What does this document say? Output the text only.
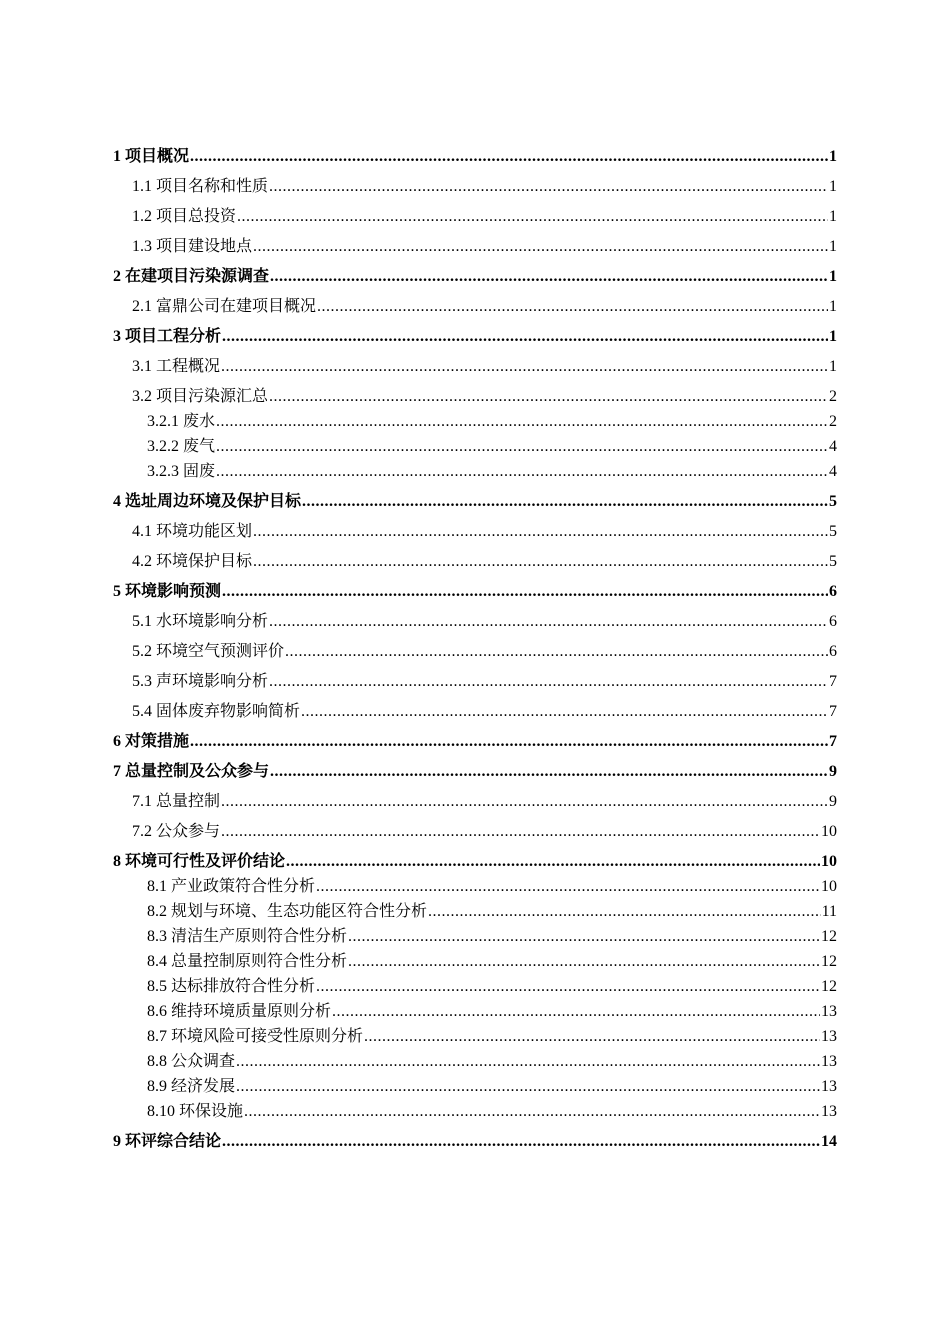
1 项目概况 .....	1
1.1 项目名称和性质 .....	1
1.2 项目总投资 .....	1
1.3 项目建设地点 .....	1
2 在建项目污染源调查 .....	1
2.1 富鼎公司在建项目概况 .....	1
3 项目工程分析 .....	1
3.1 工程概况 .....	1
3.2 项目污染源汇总 .....	2
3.2.1 废水 .....	2
3.2.2 废气 .....	4
3.2.3 固废 .....	4
4 选址周边环境及保护目标 .....	5
4.1 环境功能区划 .....	5
4.2 环境保护目标 .....	5
5 环境影响预测 .....	6
5.1 水环境影响分析 .....	6
5.2 环境空气预测评价 .....	6
5.3 声环境影响分析 .....	7
5.4 固体废弃物影响简析 .....	7
6 对策措施 .....	7
7 总量控制及公众参与 .....	9
7.1 总量控制 .....	9
7.2 公众参与 .....	10
8 环境可行性及评价结论 .....	10
8.1 产业政策符合性分析 .....	10
8.2 规划与环境、生态功能区符合性分析 .....	11
8.3 清洁生产原则符合性分析 .....	12
8.4 总量控制原则符合性分析 .....	12
8.5 达标排放符合性分析 .....	12
8.6 维持环境质量原则分析 .....	13
8.7 环境风险可接受性原则分析 .....	13
8.8 公众调查 .....	13
8.9 经济发展 .....	13
8.10 环保设施 .....	13
9 环评综合结论 .....	14
